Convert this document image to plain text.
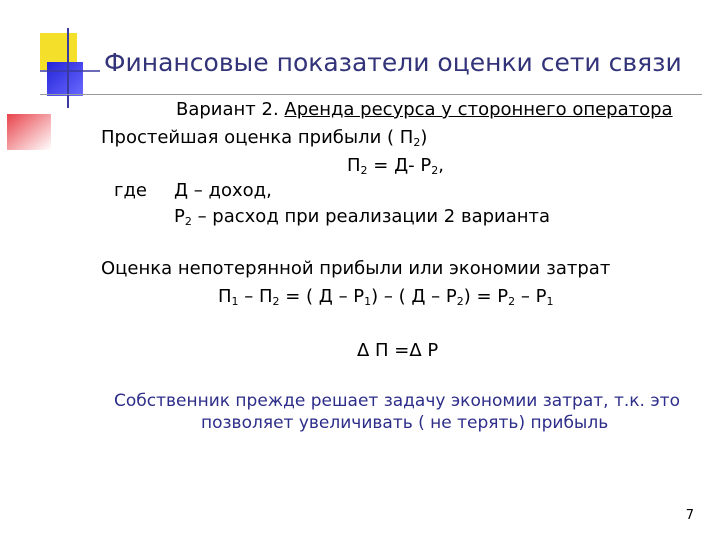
Финансовые показатели оценки сети связи
Вариант 2. Аренда ресурса у стороннего оператора
Простейшая оценка прибыли ( $П_2$)
$П_2 = Д-$ $Р_2$,
где Д – доход,
$Р_2$ – расход при реализации 2 варианта
Оценка непотерянной прибыли или экономии затрат
$П_1 - П_2$ = ( Д – $Р_1$) – ( $Д - Р_2) = Р_2 - Р_1$
Δ П =Δ Р
Собственник прежде решает задачу экономии затрат, т.к. это
позволяет увеличивать ( не терять) прибыль
7
